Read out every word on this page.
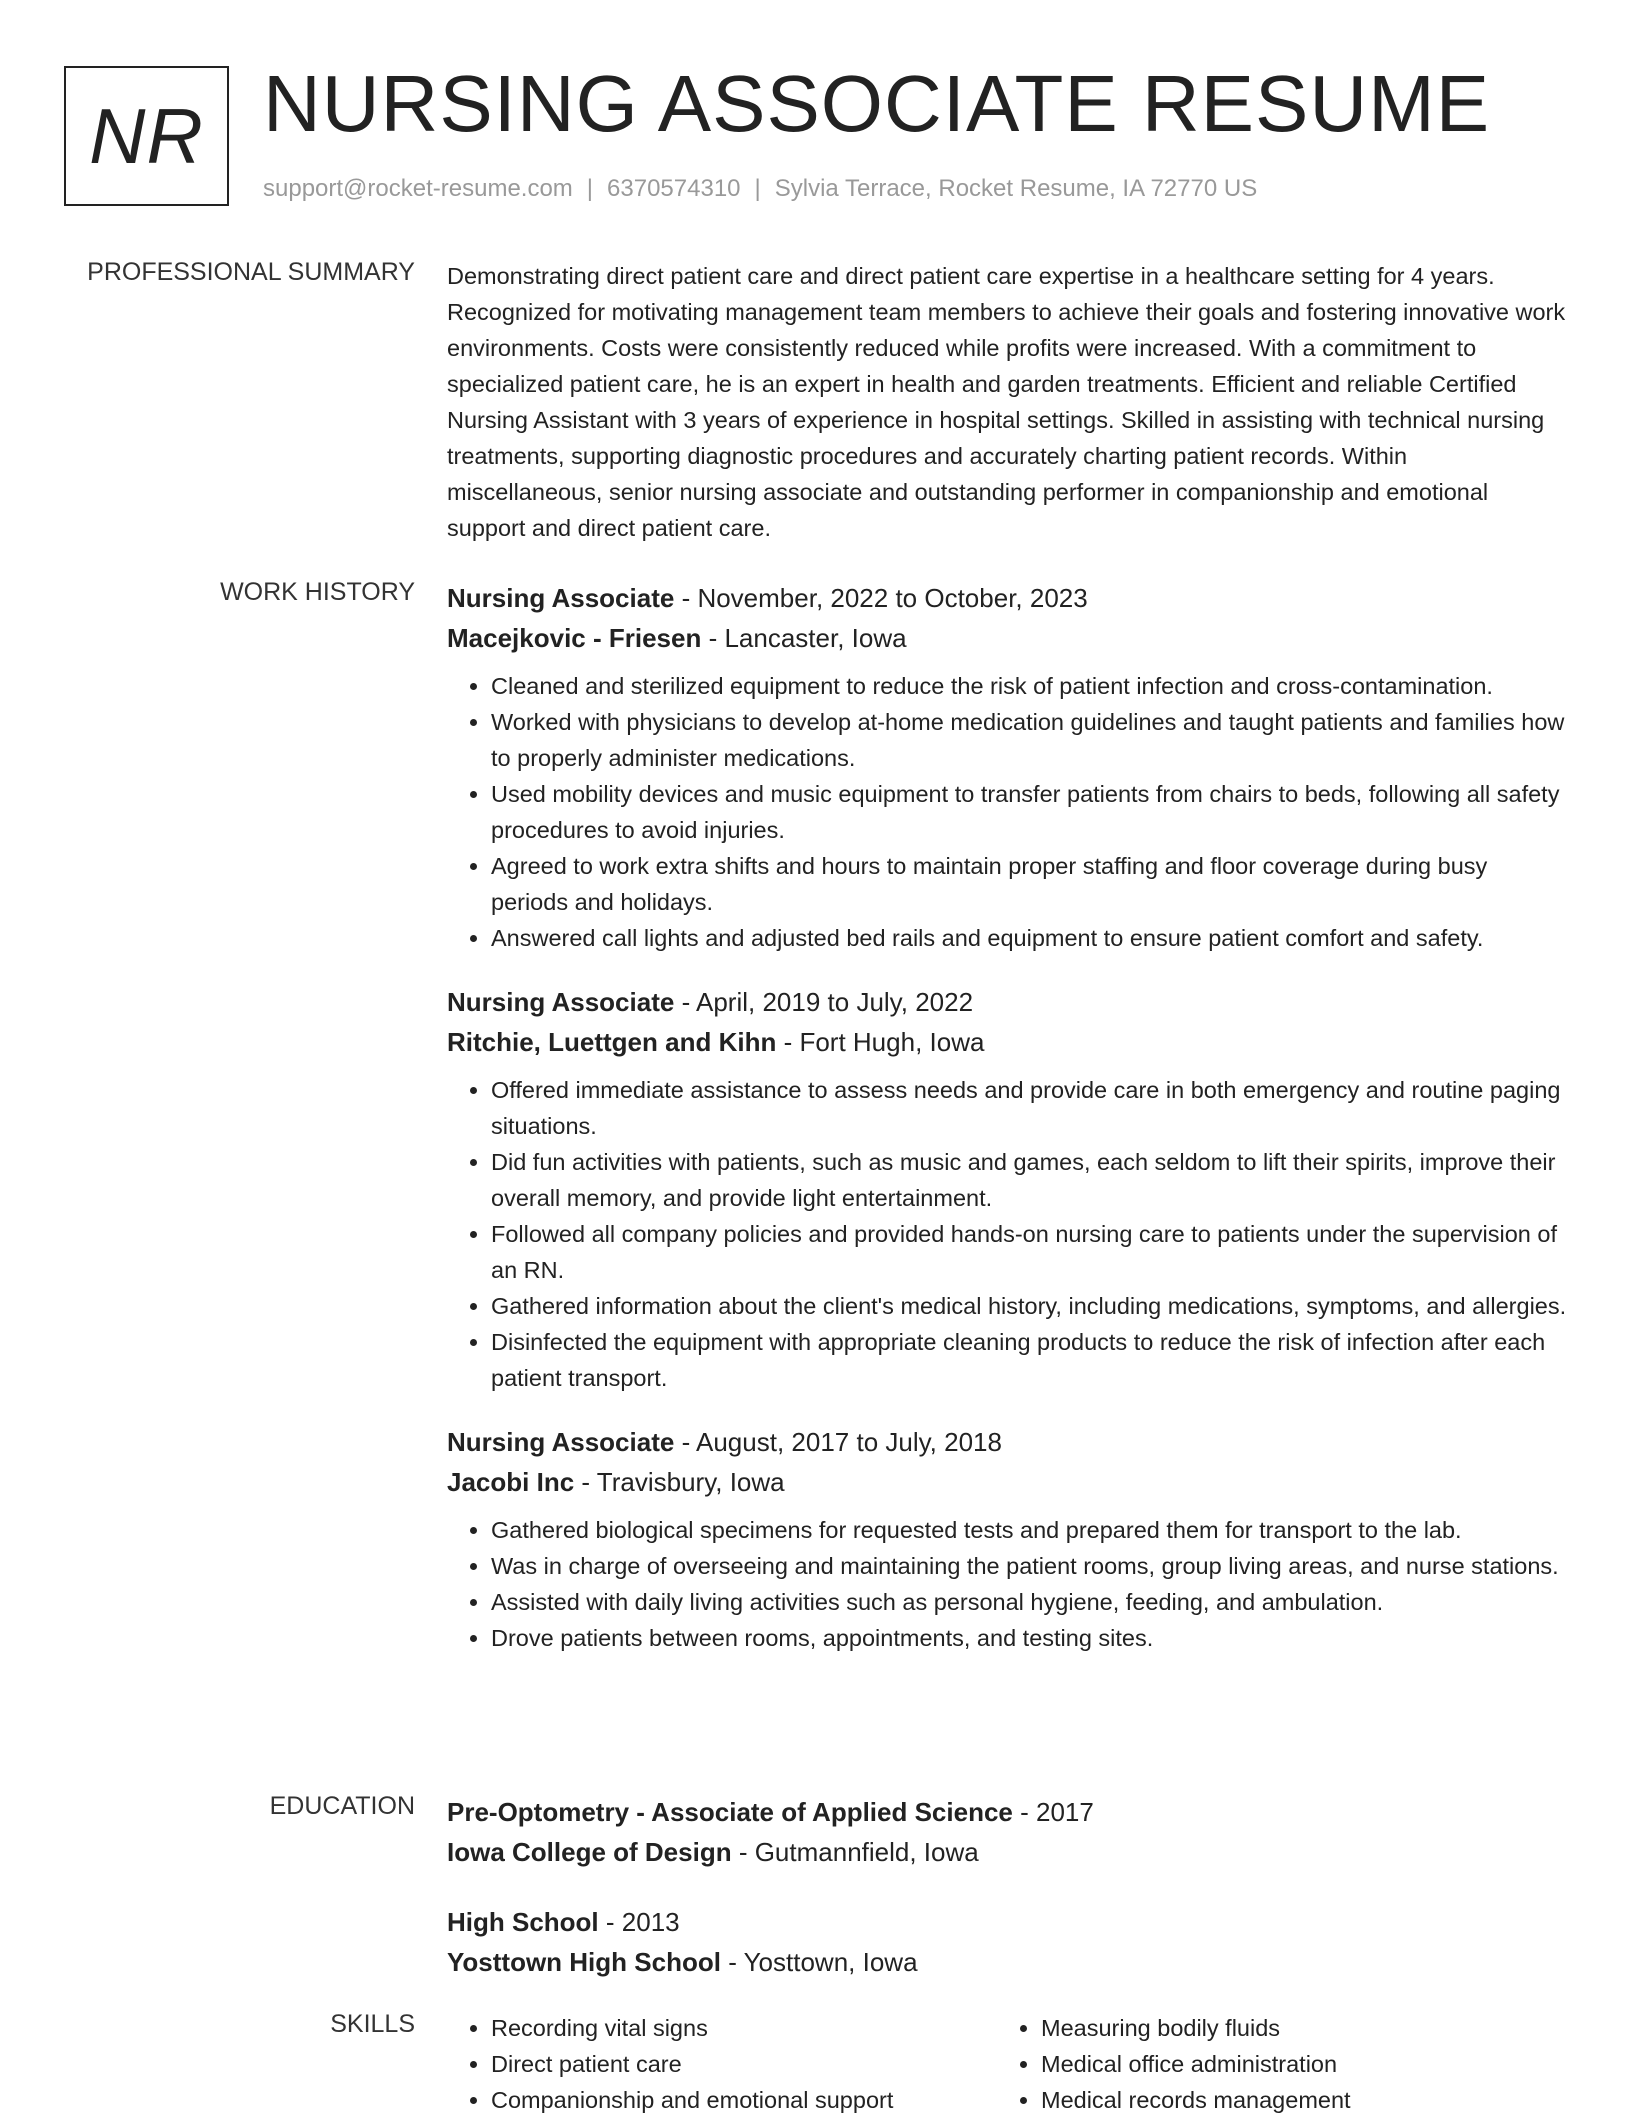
NR NURSING ASSOCIATE RESUME
support@rocket-resume.com | 6370574310 | Sylvia Terrace, Rocket Resume, IA 72770 US
PROFESSIONAL SUMMARY Demonstrating direct patient care and direct patient care expertise in a healthcare setting for 4 years. Recognized for motivating management team members to achieve their goals and fostering innovative work environments. Costs were consistently reduced while profits were increased. With a commitment to specialized patient care, he is an expert in health and garden treatments. Efficient and reliable Certified Nursing Assistant with 3 years of experience in hospital settings. Skilled in assisting with technical nursing treatments, supporting diagnostic procedures and accurately charting patient records. Within miscellaneous, senior nursing associate and outstanding performer in companionship and emotional support and direct patient care.
WORK HISTORY Nursing Associate - November, 2022 to October, 2023
Macejkovic - Friesen - Lancaster, Iowa
• Cleaned and sterilized equipment to reduce the risk of patient infection and cross-contamination.
• Worked with physicians to develop at-home medication guidelines and taught patients and families how to properly administer medications.
• Used mobility devices and music equipment to transfer patients from chairs to beds, following all safety procedures to avoid injuries.
• Agreed to work extra shifts and hours to maintain proper staffing and floor coverage during busy periods and holidays.
• Answered call lights and adjusted bed rails and equipment to ensure patient comfort and safety.
Nursing Associate - April, 2019 to July, 2022
Ritchie, Luettgen and Kihn - Fort Hugh, Iowa
• Offered immediate assistance to assess needs and provide care in both emergency and routine paging situations.
• Did fun activities with patients, such as music and games, each seldom to lift their spirits, improve their overall memory, and provide light entertainment.
• Followed all company policies and provided hands-on nursing care to patients under the supervision of an RN.
• Gathered information about the client's medical history, including medications, symptoms, and allergies.
• Disinfected the equipment with appropriate cleaning products to reduce the risk of infection after each patient transport.
Nursing Associate - August, 2017 to July, 2018
Jacobi Inc - Travisbury, Iowa
• Gathered biological specimens for requested tests and prepared them for transport to the lab.
• Was in charge of overseeing and maintaining the patient rooms, group living areas, and nurse stations.
• Assisted with daily living activities such as personal hygiene, feeding, and ambulation.
• Drove patients between rooms, appointments, and testing sites.
EDUCATION Pre-Optometry - Associate of Applied Science - 2017
Iowa College of Design - Gutmannfield, Iowa
High School - 2013
Yosttown High School - Yosttown, Iowa
SKILLS
•	Recording vital signs
• Direct patient care
• Companionship and emotional support
• Measuring bodily fluids
• Medical office administration
• Medical records management
